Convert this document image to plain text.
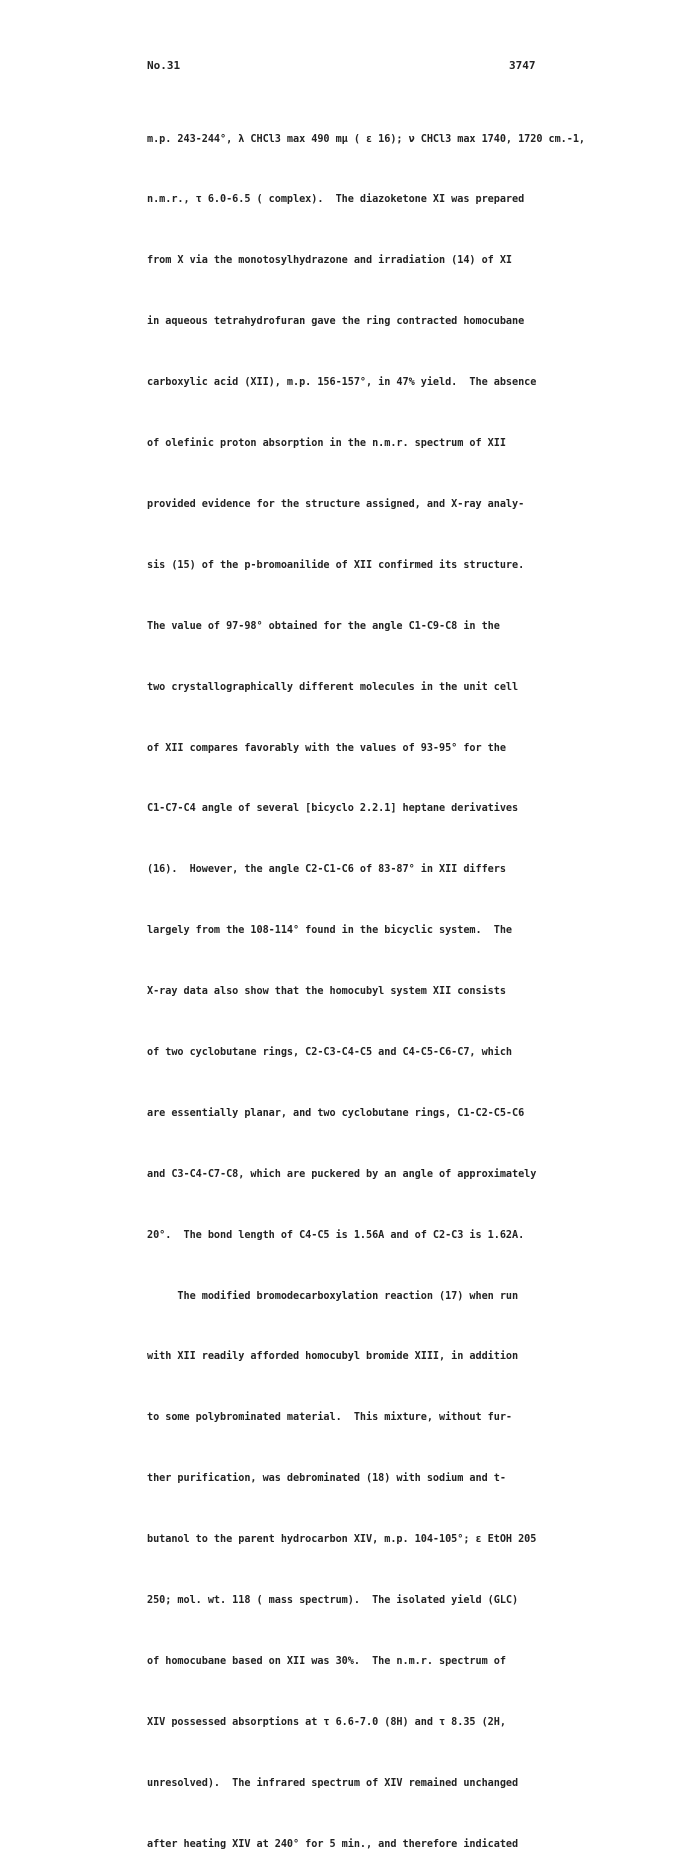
No.31	3747

m.p. 243-244°, λ CHCl3 max 490 mμ ( ε 16); ν CHCl3 max 1740, 1720 cm.-1,

n.m.r., τ 6.0-6.5 ( complex).  The diazoketone XI was prepared

from X via the monotosylhydrazone and irradiation (14) of XI

in aqueous tetrahydrofuran gave the ring contracted homocubane

carboxylic acid (XII), m.p. 156-157°, in 47% yield.  The absence

of olefinic proton absorption in the n.m.r. spectrum of XII

provided evidence for the structure assigned, and X-ray analy-

sis (15) of the p-bromoanilide of XII confirmed its structure.

The value of 97-98° obtained for the angle C1-C9-C8 in the

two crystallographically different molecules in the unit cell

of XII compares favorably with the values of 93-95° for the

C1-C7-C4 angle of several [bicyclo 2.2.1] heptane derivatives

(16).  However, the angle C2-C1-C6 of 83-87° in XII differs

largely from the 108-114° found in the bicyclic system.  The

X-ray data also show that the homocubyl system XII consists

of two cyclobutane rings, C2-C3-C4-C5 and C4-C5-C6-C7, which

are essentially planar, and two cyclobutane rings, C1-C2-C5-C6

and C3-C4-C7-C8, which are puckered by an angle of approximately

20°.  The bond length of C4-C5 is 1.56A and of C2-C3 is 1.62A.

The modified bromodecarboxylation reaction (17) when run

with XII readily afforded homocubyl bromide XIII, in addition

to some polybrominated material.  This mixture, without fur-

ther purification, was debrominated (18) with sodium and t-

butanol to the parent hydrocarbon XIV, m.p. 104-105°; ε EtOH 205

250; mol. wt. 118 ( mass spectrum).  The isolated yield (GLC)

of homocubane based on XII was 30%.  The n.m.r. spectrum of

XIV possessed absorptions at τ 6.6-7.0 (8H) and τ 8.35 (2H,

unresolved).  The infrared spectrum of XIV remained unchanged

after heating XIV at 240° for 5 min., and therefore indicated
